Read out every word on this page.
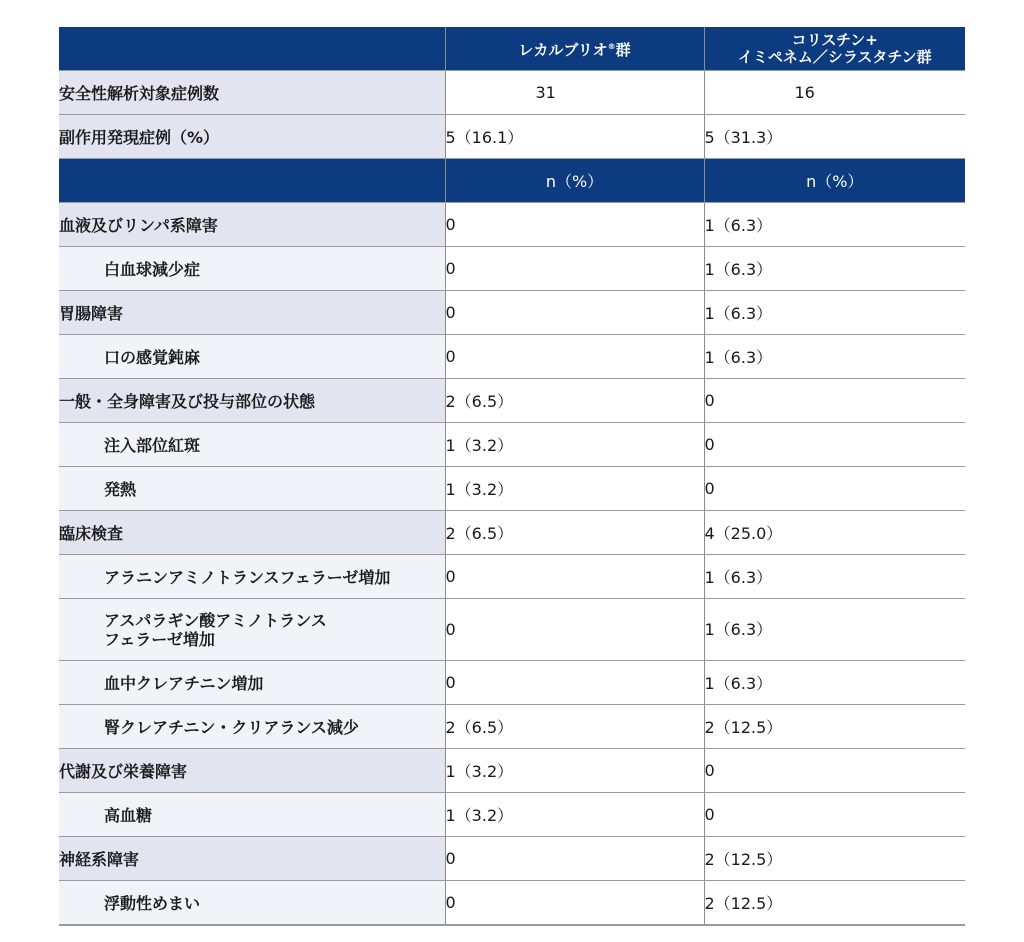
	レカルブリオ®群	コリスチン+
イミペネム／シラスタチン群
安全性解析対象症例数	31	16
副作用発現症例（%）	5（16.1）	5（31.3）
	n（%）	n（%）
血液及びリンパ系障害	0	1（6.3）
白血球減少症	0	1（6.3）
胃腸障害	0	1（6.3）
口の感覚鈍麻	0	1（6.3）
一般・全身障害及び投与部位の状態	2（6.5）	0
注入部位紅斑	1（3.2）	0
発熱	1（3.2）	0
臨床検査	2（6.5）	4（25.0）
アラニンアミノトランスフェラーゼ増加	0	1（6.3）
アスパラギン酸アミノトランス
フェラーゼ増加	0	1（6.3）
血中クレアチニン増加	0	1（6.3）
腎クレアチニン・クリアランス減少	2（6.5）	2（12.5）
代謝及び栄養障害	1（3.2）	0
高血糖	1（3.2）	0
神経系障害	0	2（12.5）
浮動性めまい	0	2（12.5）
